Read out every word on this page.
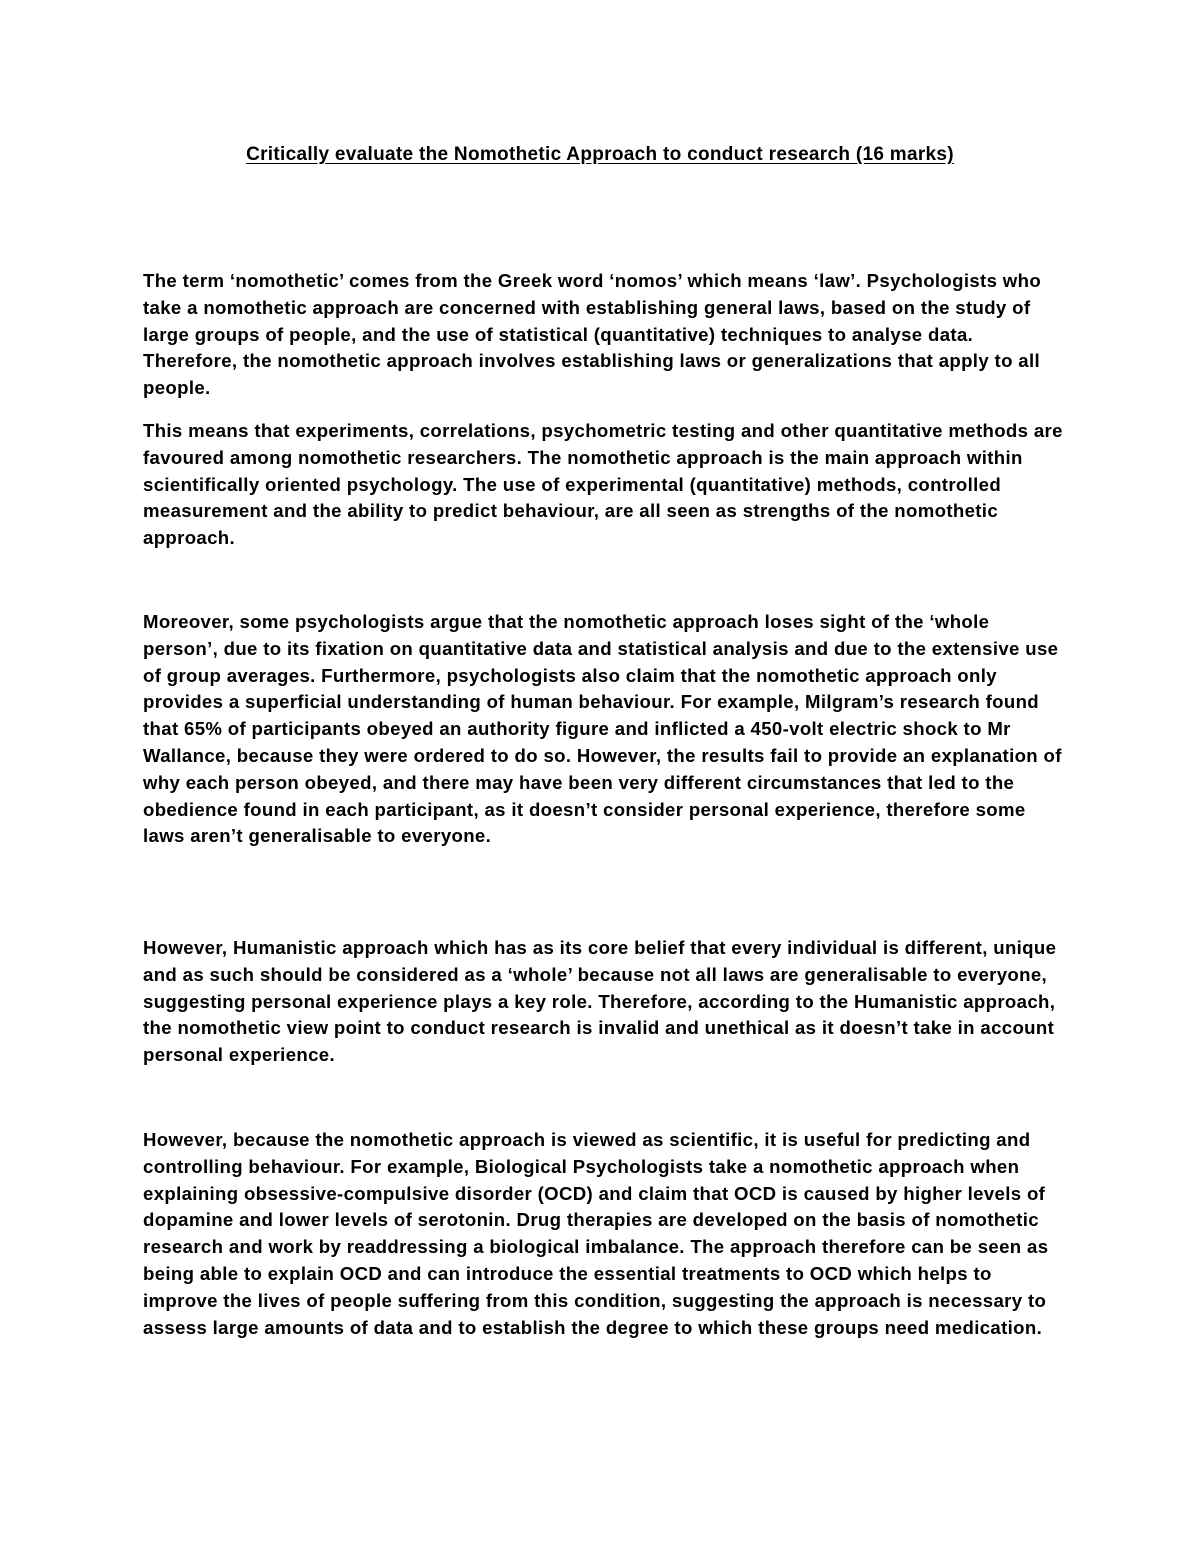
Critically evaluate the Nomothetic Approach to conduct research (16 marks)

The term ‘nomothetic’ comes from the Greek word ‘nomos’ which means ‘law’. Psychologists who take a nomothetic approach are concerned with establishing general laws, based on the study of large groups of people, and the use of statistical (quantitative) techniques to analyse data. Therefore, the nomothetic approach involves establishing laws or generalizations that apply to all people.

This means that experiments, correlations, psychometric testing and other quantitative methods are favoured among nomothetic researchers. The nomothetic approach is the main approach within scientifically oriented psychology. The use of experimental (quantitative) methods, controlled measurement and the ability to predict behaviour, are all seen as strengths of the nomothetic approach.

Moreover, some psychologists argue that the nomothetic approach loses sight of the ‘whole person’, due to its fixation on quantitative data and statistical analysis and due to the extensive use of group averages. Furthermore, psychologists also claim that the nomothetic approach only provides a superficial understanding of human behaviour. For example, Milgram’s research found that 65% of participants obeyed an authority figure and inflicted a 450-volt electric shock to Mr Wallance, because they were ordered to do so. However, the results fail to provide an explanation of why each person obeyed, and there may have been very different circumstances that led to the obedience found in each participant, as it doesn’t consider personal experience, therefore some laws aren’t generalisable to everyone.

However, Humanistic approach which has as its core belief that every individual is different, unique and as such should be considered as a ‘whole’ because not all laws are generalisable to everyone, suggesting personal experience plays a key role. Therefore, according to the Humanistic approach, the nomothetic view point to conduct research is invalid and unethical as it doesn’t take in account personal experience.

However, because the nomothetic approach is viewed as scientific, it is useful for predicting and controlling behaviour. For example, Biological Psychologists take a nomothetic approach when explaining obsessive-compulsive disorder (OCD) and claim that OCD is caused by higher levels of dopamine and lower levels of serotonin. Drug therapies are developed on the basis of nomothetic research and work by readdressing a biological imbalance. The approach therefore can be seen as being able to explain OCD and can introduce the essential treatments to OCD which helps to improve the lives of people suffering from this condition, suggesting the approach is necessary to assess large amounts of data and to establish the degree to which these groups need medication.
